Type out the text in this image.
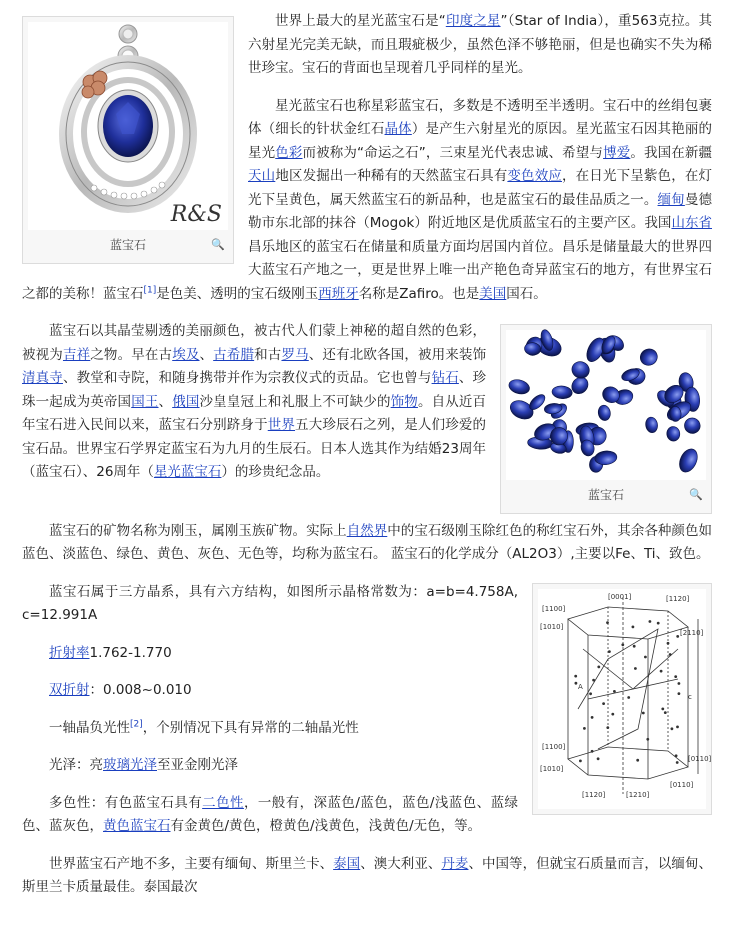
R&S
蓝宝石	🔍

世界上最大的星光蓝宝石是“印度之星”（Star of India），重563克拉。其六射星光完美无缺，而且瑕疵极少，虽然色泽不够艳丽，但是也确实不失为稀世珍宝。宝石的背面也呈现着几乎同样的星光。

星光蓝宝石也称星彩蓝宝石，多数是不透明至半透明。宝石中的丝绢包裹体（细长的针状金红石晶体）是产生六射星光的原因。星光蓝宝石因其艳丽的星光色彩而被称为“命运之石”，三束星光代表忠诚、希望与博爱。我国在新疆天山地区发掘出一种稀有的天然蓝宝石具有变色效应，在日光下呈紫色，在灯光下呈黄色，属天然蓝宝石的新品种，也是蓝宝石的最佳品质之一。缅甸曼德勒市东北部的抹谷（Mogok）附近地区是优质蓝宝石的主要产区。我国山东省昌乐地区的蓝宝石在储量和质量方面均居国内首位。昌乐是储量最大的世界四大蓝宝石产地之一，更是世界上唯一出产艳色奇异蓝宝石的地方，有世界宝石之都的美称！蓝宝石[1]是色美、透明的宝石级刚玉西班牙名称是Zafiro。也是美国国石。

蓝宝石	🔍

蓝宝石以其晶莹剔透的美丽颜色，被古代人们蒙上神秘的超自然的色彩，被视为吉祥之物。早在古埃及、古希腊和古罗马、还有北欧各国，被用来装饰清真寺、教堂和寺院，和随身携带并作为宗教仪式的贡品。它也曾与钻石、珍珠一起成为英帝国国王、俄国沙皇皇冠上和礼服上不可缺少的饰物。自从近百年宝石进入民间以来，蓝宝石分别跻身于世界五大珍辰石之列，是人们珍爱的宝石品。世界宝石学界定蓝宝石为九月的生辰石。日本人选其作为结婚23周年（蓝宝石）、26周年（星光蓝宝石）的珍贵纪念品。

蓝宝石的矿物名称为刚玉，属刚玉族矿物。实际上自然界中的宝石级刚玉除红色的称红宝石外，其余各种颜色如蓝色、淡蓝色、绿色、黄色、灰色、无色等，均称为蓝宝石。 蓝宝石的化学成分（AL2O3）,主要以Fe、Ti、致色。

[1100]
[0001]	[1120]
[1010]
[2110]
[1100]
[0110]
[1010]
[1120]	[1210]
[0110]
c
A

蓝宝石属于三方晶系，具有六方结构，如图所示晶格常数为：a=b=4.758A, c=12.991A

折射率1.762-1.770

双折射：0.008~0.010

一轴晶负光性[2]，个别情况下具有异常的二轴晶光性

光泽：亮玻璃光泽至亚金刚光泽

多色性：有色蓝宝石具有二色性，一般有，深蓝色/蓝色，蓝色/浅蓝色、蓝绿色、蓝灰色，黄色蓝宝石有金黄色/黄色，橙黄色/浅黄色，浅黄色/无色，等。

世界蓝宝石产地不多，主要有缅甸、斯里兰卡、泰国、澳大利亚、丹麦、中国等，但就宝石质量而言，以缅甸、斯里兰卡质量最佳。泰国最次
